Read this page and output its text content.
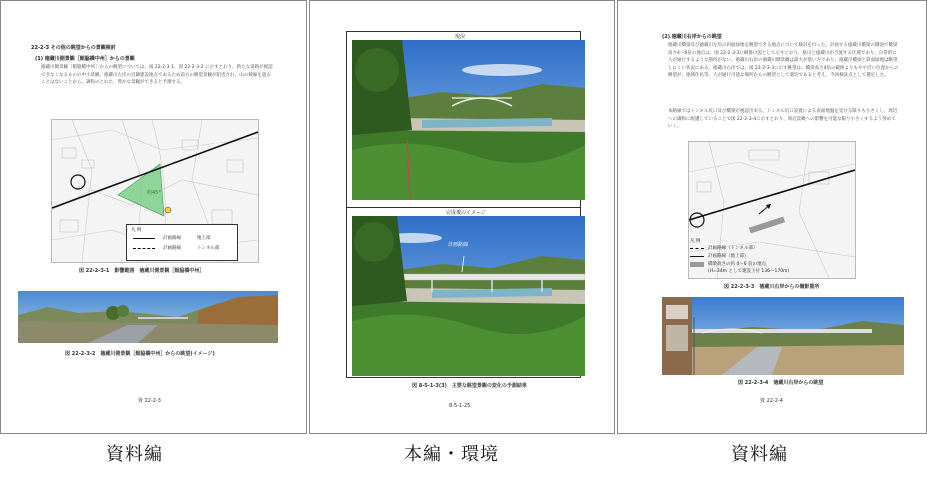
22-2-3 その他の眺望からの景観検討
(1) 徳蔵川側景観［館脇橋中州］からの景観
徳蔵川側景観［館脇橋中州］からの眺望については、図 22-2-3-1、図 22-2-3-2 に示すとおり、新たな道路が視認できなくなるものの中小景観、徳蔵川左岸の近隣建設地点であるため前方の眺望景観が阻害され、山の稜線を遮ることはないことから、調和のとれた、豊かな景観ができると予測する。
約45°
凡 例
計画路線	地上部
計画路線	トンネル部
図 22-2-3-1　影響範囲　徳蔵川側景観［館脇橋中州］
図 22-2-3-2　徳蔵川側景観［館脇橋中州］からの眺望(イメージ)
資 22-2-3
現況
完成後のイメージ
計画路線
図 8-5-1-3(3)　主要な眺望景観の変化の予測結果
8-5-1-25
(2) 徳蔵川右岸からの眺望
徳蔵川橋梁及び徳蔵川左岸の斜面緑地を眺望できる地点について検討を行った。計画する徳蔵川橋梁の側面で橋梁高さ4～6倍の地点は、図 22-2-3-3に網掛け図として示すとおり、県川と徳蔵川が合流する区域であり、日常的に人が通行するような箇所がない。徳蔵川右岸の徳蔵川側景観は最大が低い方であり、徳蔵川橋梁と斜面緑地は眺望しにくい状況にある。徳蔵川右岸では、図 22-2-3-3に示す眺望は、橋梁高さ4倍の範囲よりもやや近い位置からの眺望が、地域住民等、人が通行可能な場所からの眺望として適切であると考え、今回検証点として選定した。
本路線ではトンネル坑口及び橋梁が視認出来る。トンネル坑口設置による表面地盤を受ける限りも小さくし、周辺への調和に配慮していることで図 22-2-3-4に示すとおり、周辺景観への影響を可能な限り小さくするよう努めていく。
凡 例
計画路線（トンネル部）
計画路線（地上部）
橋梁高さの約 4～6 倍の地点
(H=34m として建設上付 136～170m)
図 22-2-3-3　徳蔵川右岸からの撮影箇所
図 22-2-3-4　徳蔵川右岸からの眺望
資 22-2-4
資料編	本編・環境	資料編
